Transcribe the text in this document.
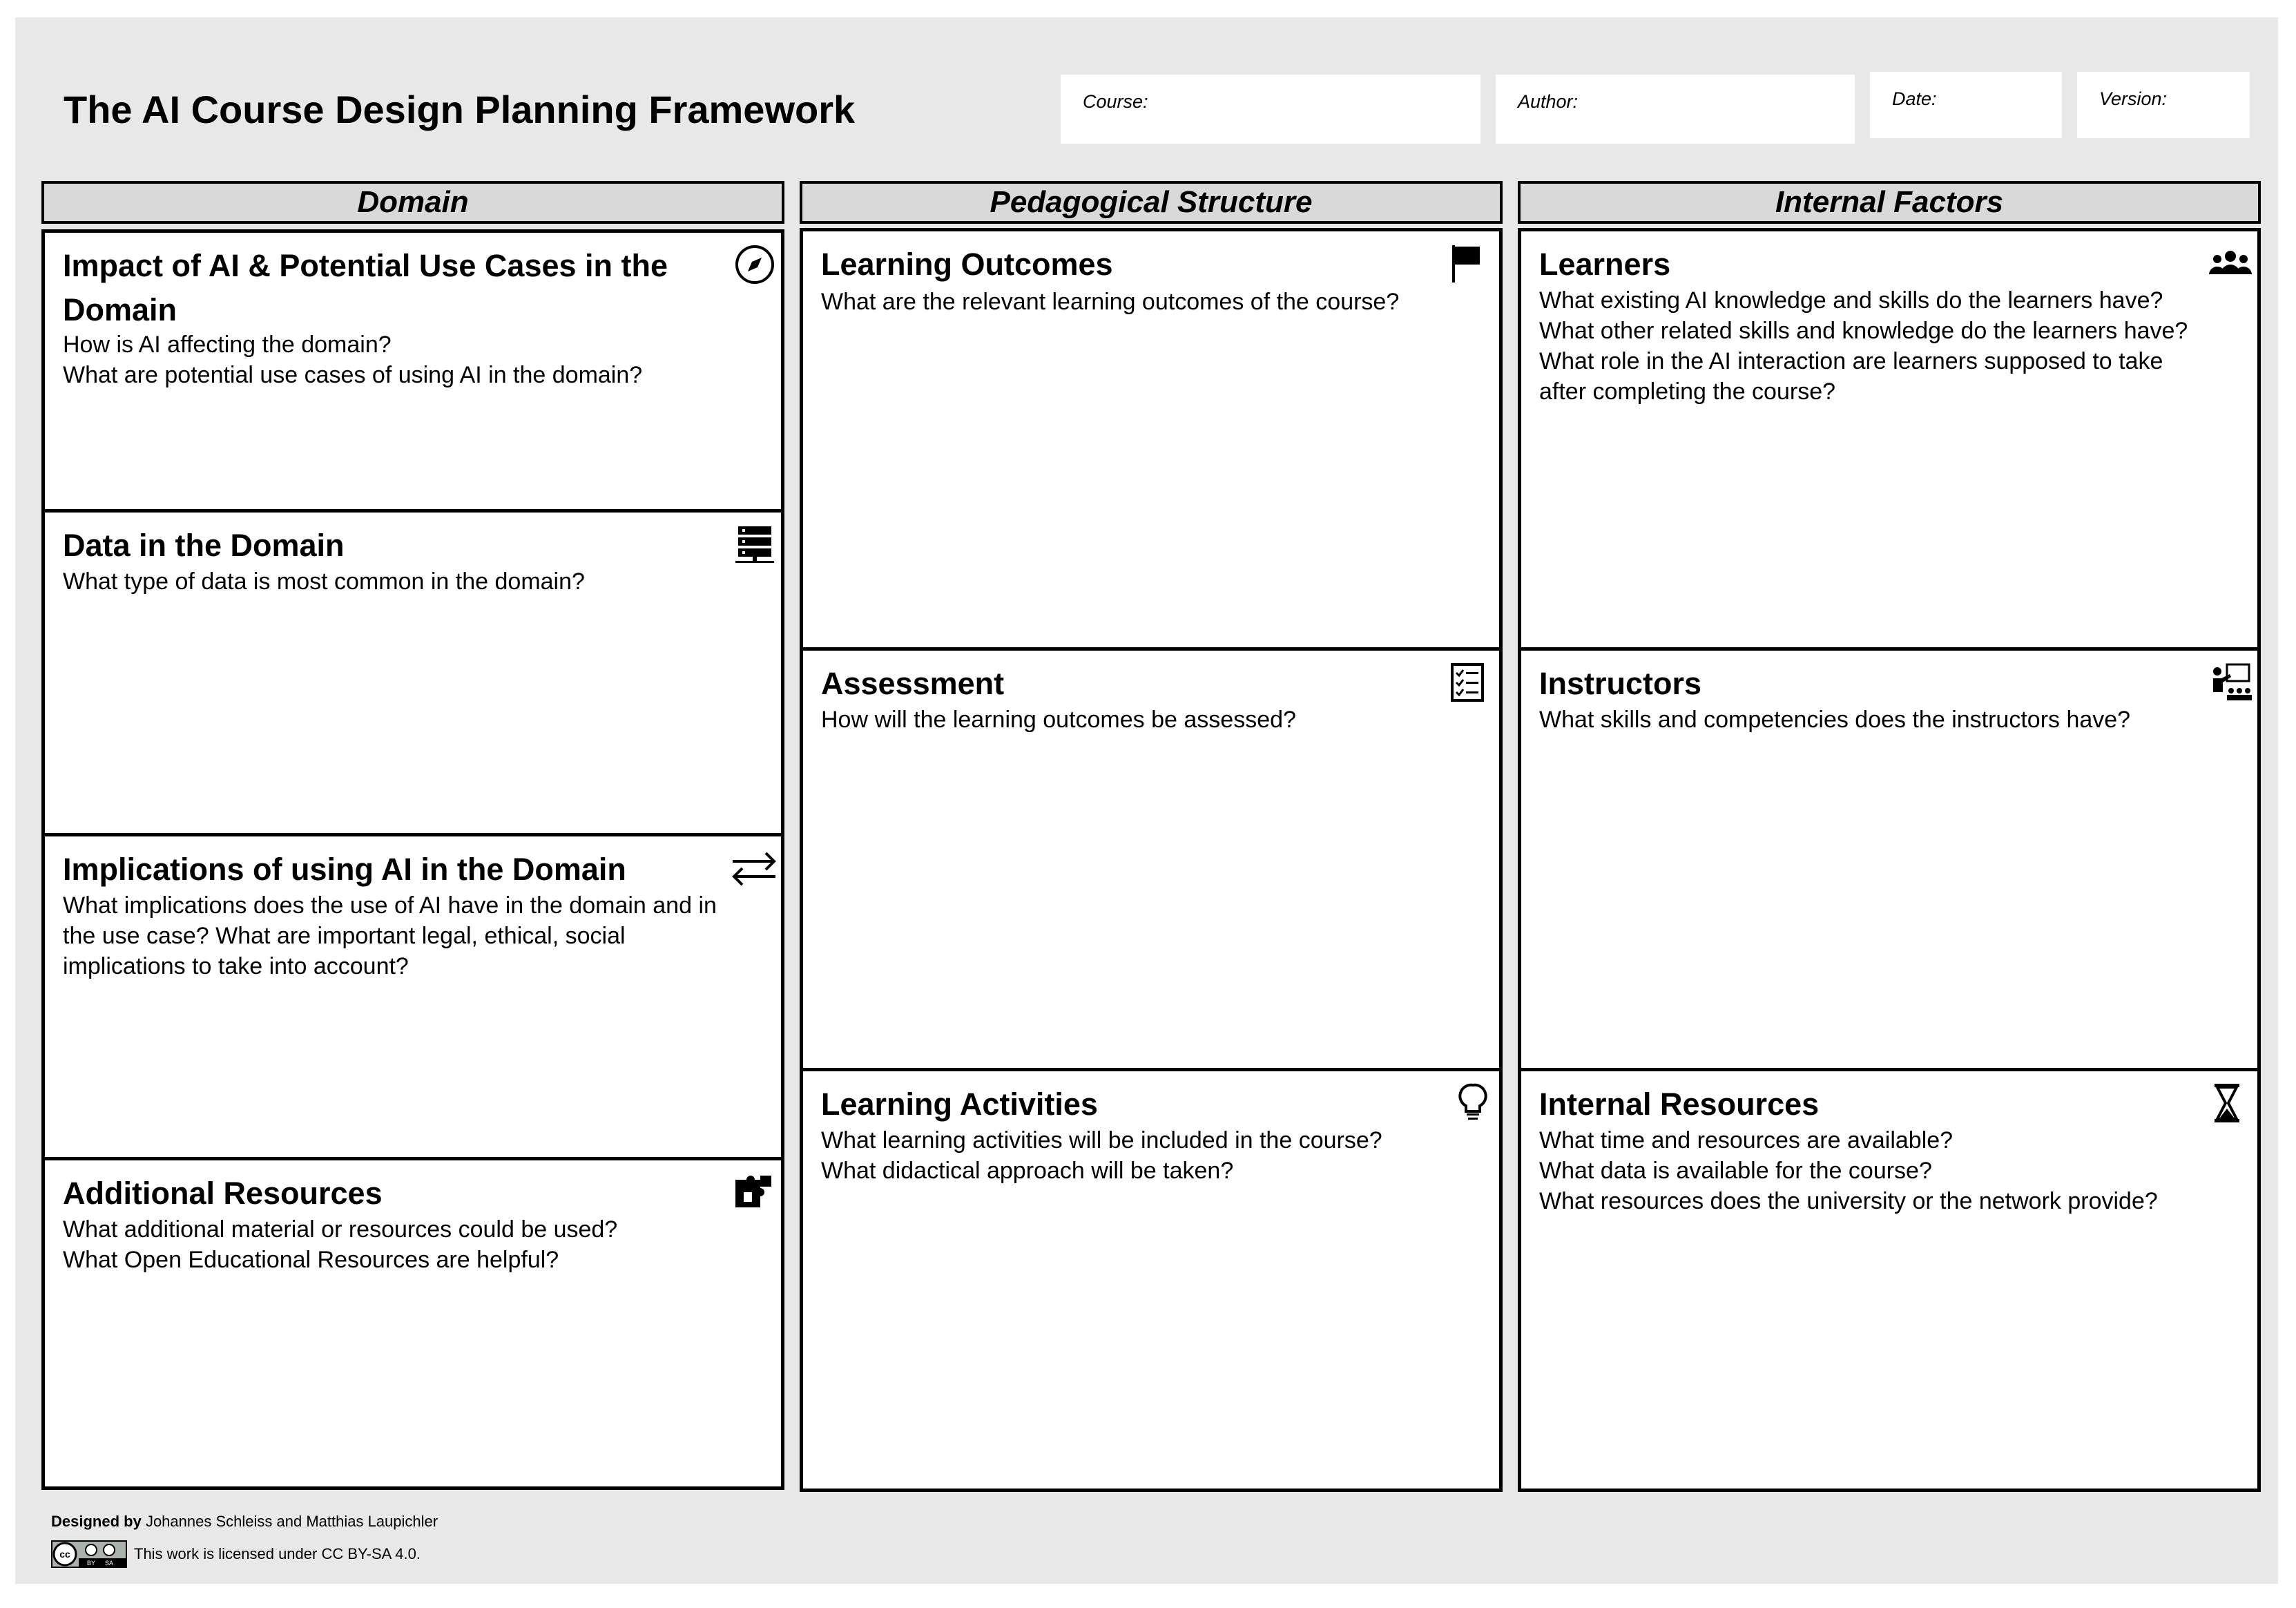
The AI Course Design Planning Framework	Course:	Author:	Date:	Version:
Domain	Pedagogical Structure	Internal Factors
Impact of AI & Potential Use Cases in the
Domain
How is AI affecting the domain?
What are potential use cases of using AI in the domain?
Data in the Domain
What type of data is most common in the domain?
Implications of using AI in the Domain
What implications does the use of AI have in the domain and in
the use case? What are important legal, ethical, social
implications to take into account?
Additional Resources
What additional material or resources could be used?
What Open Educational Resources are helpful?
Learning Outcomes
What are the relevant learning outcomes of the course?
Assessment
How will the learning outcomes be assessed?
Learning Activities
What learning activities will be included in the course?
What didactical approach will be taken?
Learners
What existing AI knowledge and skills do the learners have?
What other related skills and knowledge do the learners have?
What role in the AI interaction are learners supposed to take
after completing the course?
Instructors
What skills and competencies does the instructors have?
Internal Resources
What time and resources are available?
What data is available for the course?
What resources does the university or the network provide?
Designed by Johannes Schleiss and Matthias Laupichler
cc
BY SA
This work is licensed under CC BY-SA 4.0.
